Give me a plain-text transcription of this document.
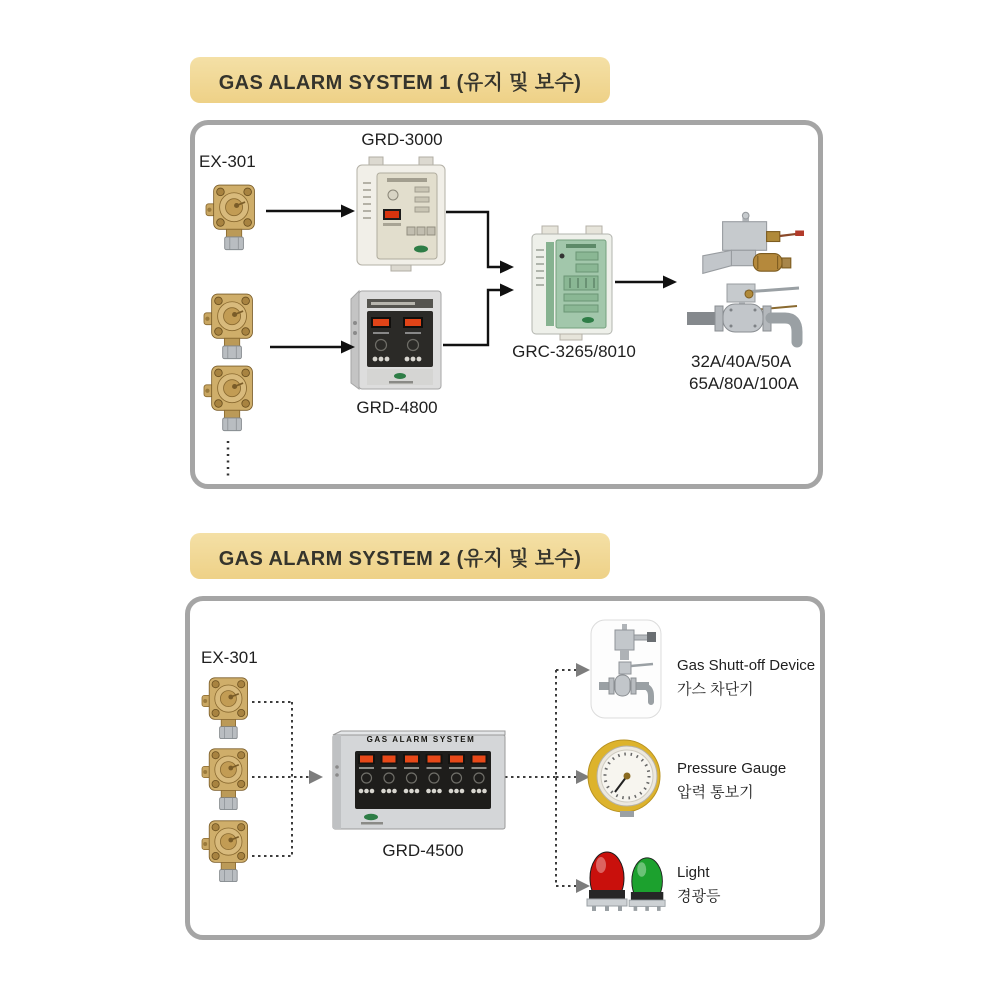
GAS ALARM SYSTEM 1 (유지 및 보수)
EX-301
GRD-3000
GRD-4800
GRC-3265/8010
32A/40A/50A
65A/80A/100A
GAS ALARM SYSTEM 2 (유지 및 보수)
EX-301
GAS ALARM SYSTEM
GRD-4500
Gas Shutt-off Device
가스 차단기
Pressure Gauge
압력 통보기
Light
경광등
